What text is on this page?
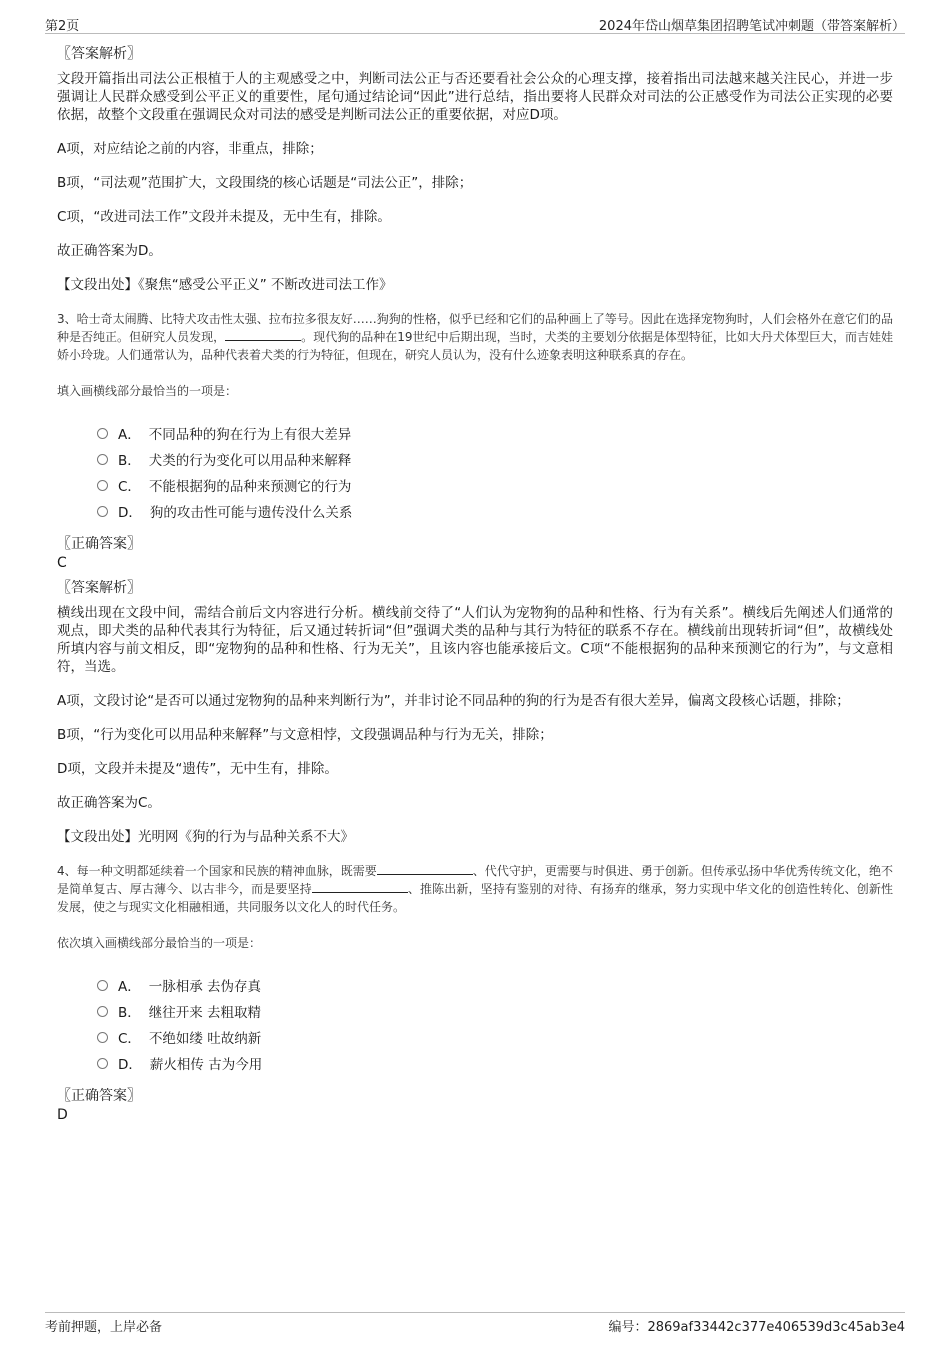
第2页	2024年岱山烟草集团招聘笔试冲刺题（带答案解析）

〖答案解析〗

文段开篇指出司法公正根植于人的主观感受之中，判断司法公正与否还要看社会公众的心理支撑，接着指出司法越来越关注民心，并进一步强调让人民群众感受到公平正义的重要性，尾句通过结论词“因此”进行总结，指出要将人民群众对司法的公正感受作为司法公正实现的必要依据，故整个文段重在强调民众对司法的感受是判断司法公正的重要依据，对应D项。

A项，对应结论之前的内容，非重点，排除；

B项，“司法观”范围扩大，文段围绕的核心话题是“司法公正”，排除；

C项，“改进司法工作”文段并未提及，无中生有，排除。

故正确答案为D。

【文段出处】《聚焦“感受公平正义” 不断改进司法工作》

3、哈士奇太闹腾、比特犬攻击性太强、拉布拉多很友好……狗狗的性格，似乎已经和它们的品种画上了等号。因此在选择宠物狗时，人们会格外在意它们的品种是否纯正。但研究人员发现，	。现代狗的品种在19世纪中后期出现，当时，犬类的主要划分依据是体型特征，比如大丹犬体型巨大，而吉娃娃娇小玲珑。人们通常认为，品种代表着犬类的行为特征，但现在，研究人员认为，没有什么迹象表明这种联系真的存在。

填入画横线部分最恰当的一项是：

A． 不同品种的狗在行为上有很大差异
B． 犬类的行为变化可以用品种来解释
C． 不能根据狗的品种来预测它的行为
D． 狗的攻击性可能与遗传没什么关系

〖正确答案〗

C

〖答案解析〗

横线出现在文段中间，需结合前后文内容进行分析。横线前交待了“人们认为宠物狗的品种和性格、行为有关系”。横线后先阐述人们通常的观点，即犬类的品种代表其行为特征，后又通过转折词“但”强调犬类的品种与其行为特征的联系不存在。横线前出现转折词“但”，故横线处所填内容与前文相反，即“宠物狗的品种和性格、行为无关”，且该内容也能承接后文。C项“不能根据狗的品种来预测它的行为”，与文意相符，当选。

A项，文段讨论“是否可以通过宠物狗的品种来判断行为”，并非讨论不同品种的狗的行为是否有很大差异，偏离文段核心话题，排除；

B项，“行为变化可以用品种来解释”与文意相悖，文段强调品种与行为无关，排除；

D项，文段并未提及“遗传”，无中生有，排除。

故正确答案为C。

【文段出处】光明网《狗的行为与品种关系不大》

4、每一种文明都延续着一个国家和民族的精神血脉，既需要	、代代守护，更需要与时俱进、勇于创新。但传承弘扬中华优秀传统文化，绝不是简单复古、厚古薄今、以古非今，而是要坚持	、推陈出新，坚持有鉴别的对待、有扬弃的继承，努力实现中华文化的创造性转化、创新性发展，使之与现实文化相融相通，共同服务以文化人的时代任务。

依次填入画横线部分最恰当的一项是：

A． 一脉相承 去伪存真
B． 继往开来 去粗取精
C． 不绝如缕 吐故纳新
D． 薪火相传 古为今用

〖正确答案〗

D

考前押题，上岸必备	编号：2869af33442c377e406539d3c45ab3e4
